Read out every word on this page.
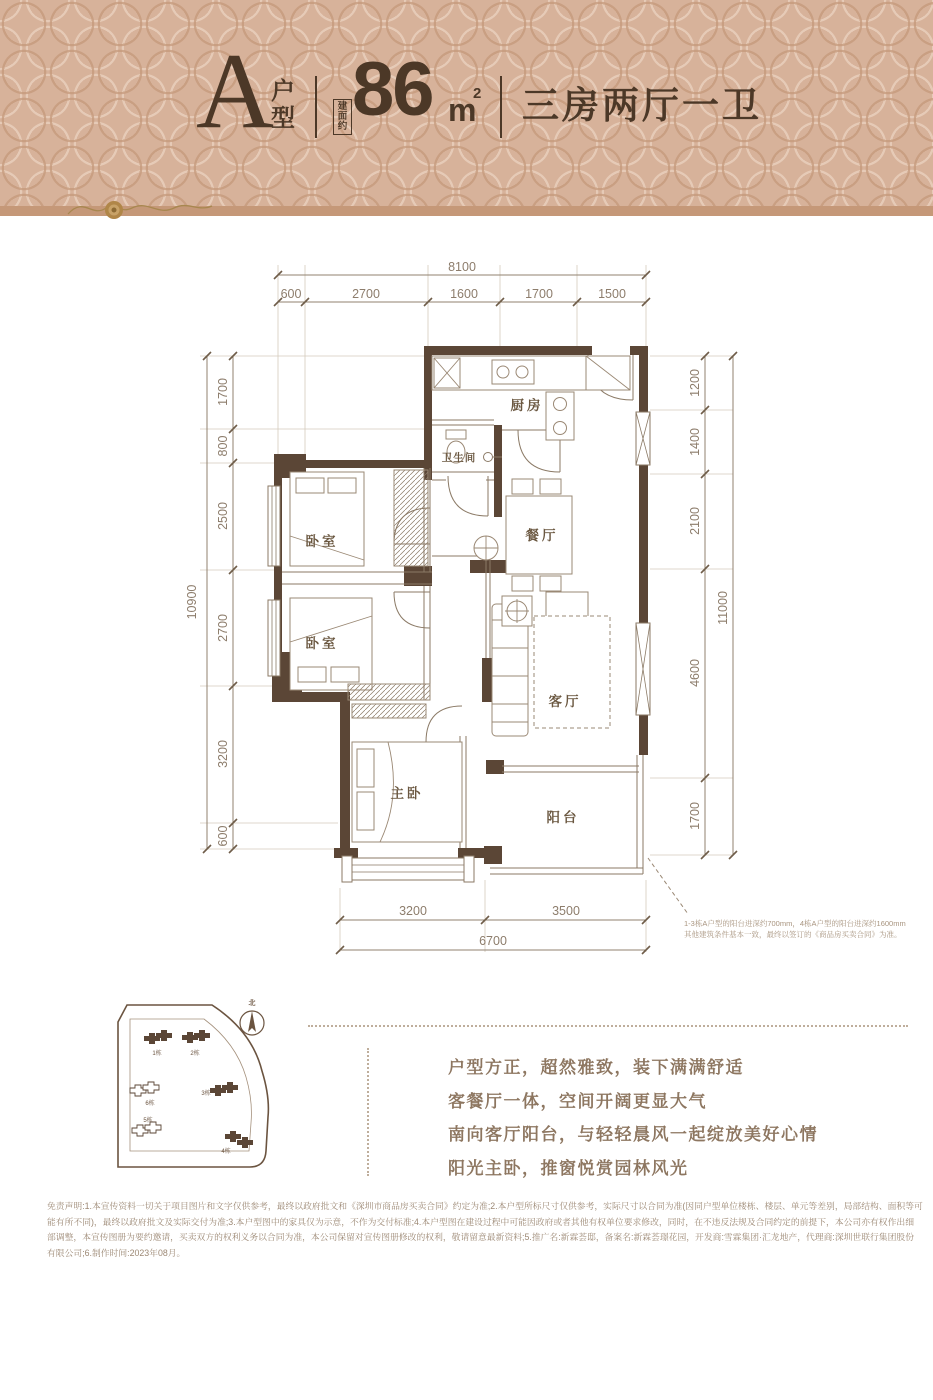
A
户
型	建面约 86 m
2 三房两厅一卫
8100
600	2700	1600	1700	1500
10900
1700
800
2500
2700
3200
600
1200
1400
2100
4600
1700
11000
3200	3500
6700
厨房
卫生间
餐厅
卧室
卧室
主卧
客厅
阳台
1-3栋A户型的阳台进深约700mm，4栋A户型的阳台进深约1600mm
其他建筑条件基本一致，最终以签订的《商品房买卖合同》为准。
1栋	2栋
3栋
4栋
5栋
6栋
北
户型方正，超然雅致，装下满满舒适
客餐厅一体，空间开阔更显大气
南向客厅阳台，与轻轻晨风一起绽放美好心情
阳光主卧，推窗悦赏园林风光
免责声明:1.本宣传资料一切关于项目图片和文字仅供参考，最终以政府批文和《深圳市商品房买卖合同》约定为准;2.本户型所标尺寸仅供参考，实际尺寸以合同为准(因同户型单位楼栋、楼层、单元等差别，局部结构、面积等可
能有所不同)，最终以政府批文及实际交付为准;3.本户型图中的家具仅为示意，不作为交付标准;4.本户型图在建设过程中可能因政府或者其他有权单位要求修改，同时，在不违反法规及合同约定的前提下，本公司亦有权作出细
部调整，本宣传图册为要约邀请，买卖双方的权利义务以合同为准，本公司保留对宣传图册修改的权利，敬请留意最新资料;5.推广名:新霖荟邸，备案名:新霖荟璟花园，开发商:雪霖集团·汇龙地产，代理商:深圳世联行集团股份
有限公司;6.制作时间:2023年08月。
